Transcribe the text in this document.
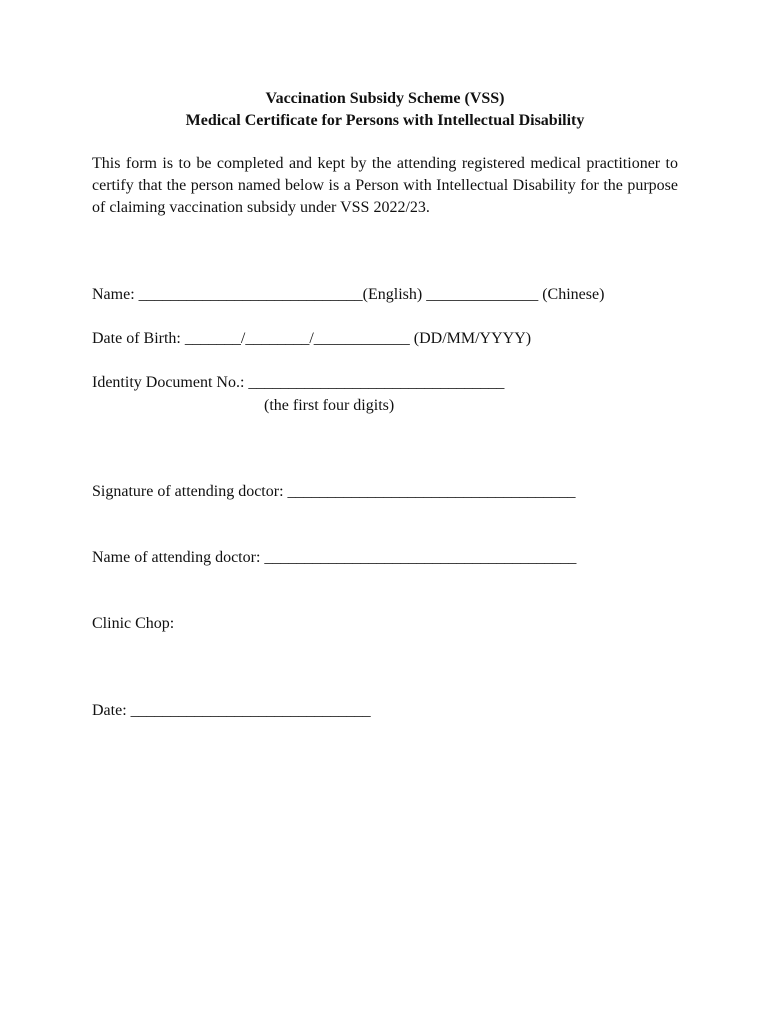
Vaccination Subsidy Scheme (VSS)
Medical Certificate for Persons with Intellectual Disability
This form is to be completed and kept by the attending registered medical practitioner to certify that the person named below is a Person with Intellectual Disability for the purpose of claiming vaccination subsidy under VSS 2022/23.
Name: ____________________________(English) ______________ (Chinese)
Date of Birth: _______/________/____________ (DD/MM/YYYY)
Identity Document No.: ________________________________
(the first four digits)
Signature of attending doctor: ____________________________________
Name of attending doctor: _______________________________________
Clinic Chop:
Date: ______________________________
